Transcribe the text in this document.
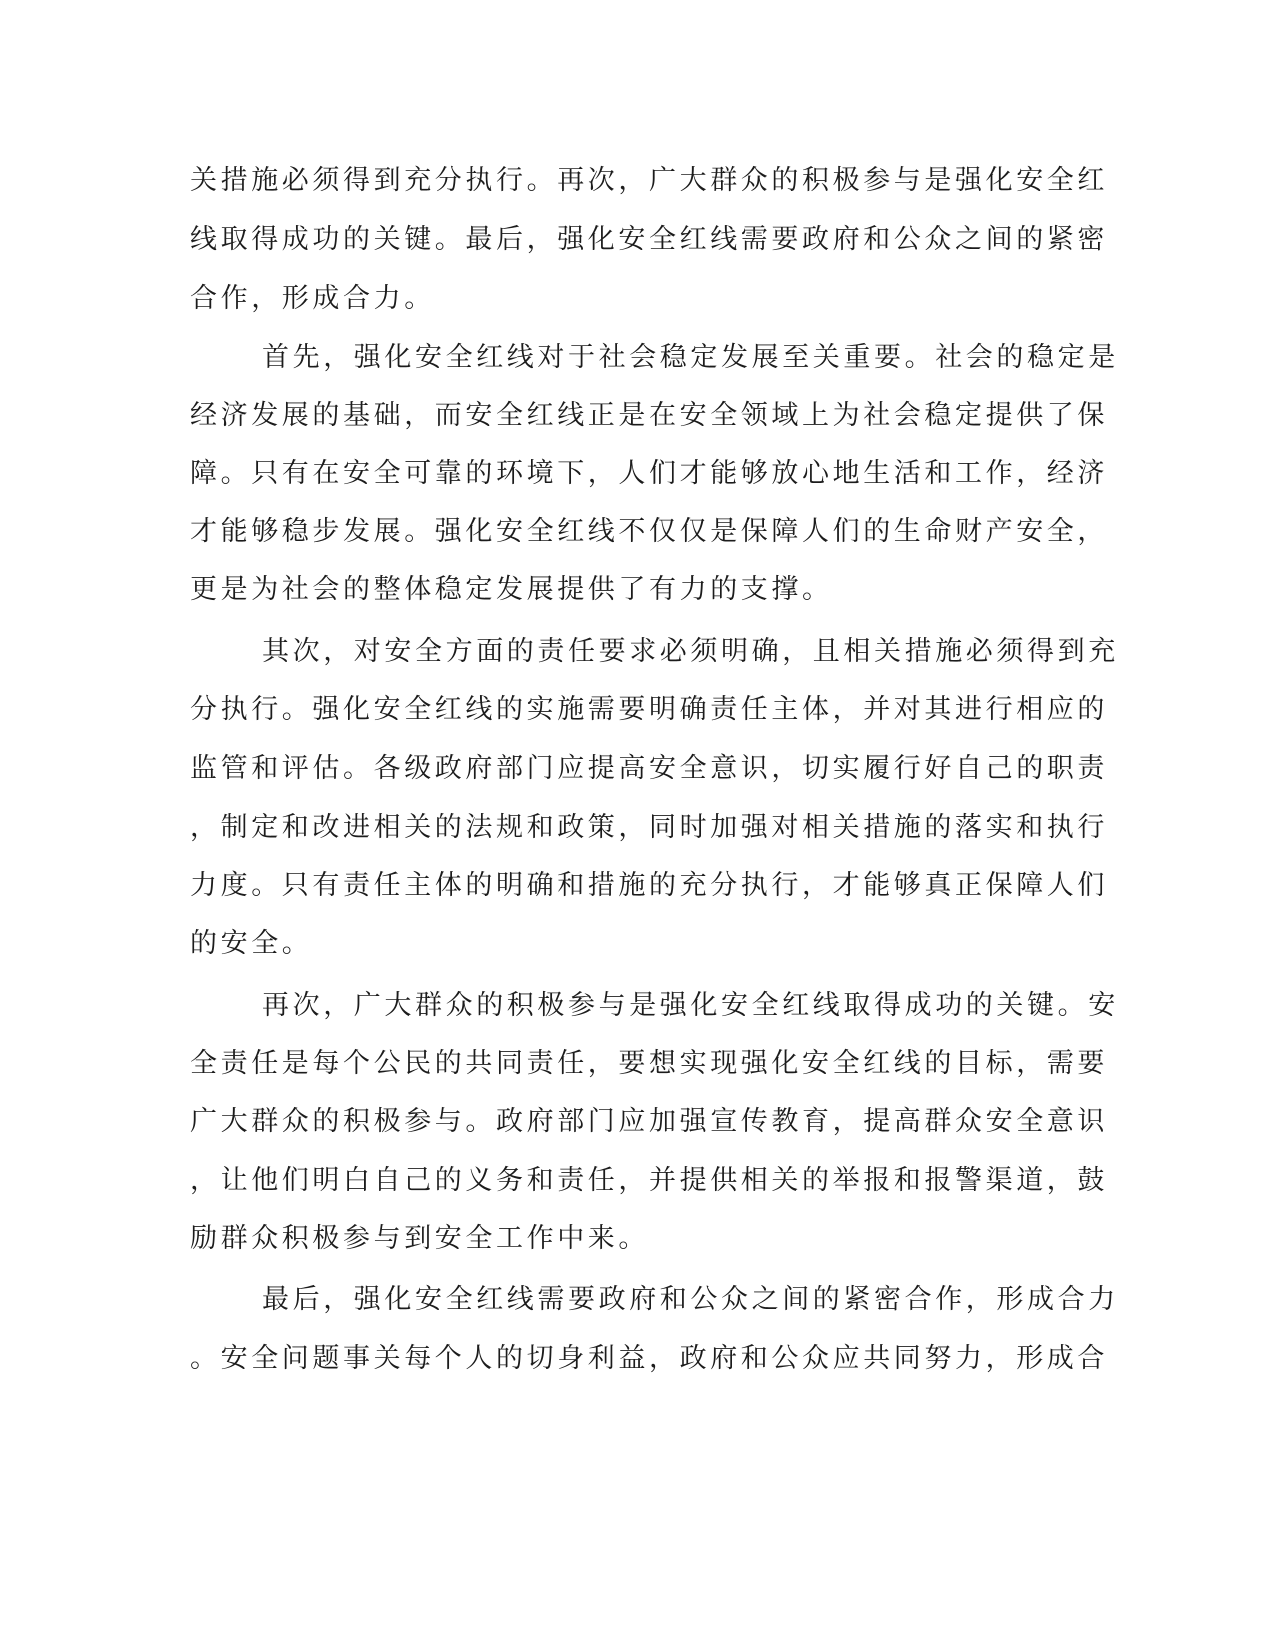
关措施必须得到充分执行。再次，广大群众的积极参与是强化安全红
线取得成功的关键。最后，强化安全红线需要政府和公众之间的紧密
合作，形成合力。
首先，强化安全红线对于社会稳定发展至关重要。社会的稳定是
经济发展的基础，而安全红线正是在安全领域上为社会稳定提供了保
障。只有在安全可靠的环境下，人们才能够放心地生活和工作，经济
才能够稳步发展。强化安全红线不仅仅是保障人们的生命财产安全，
更是为社会的整体稳定发展提供了有力的支撑。
其次，对安全方面的责任要求必须明确，且相关措施必须得到充
分执行。强化安全红线的实施需要明确责任主体，并对其进行相应的
监管和评估。各级政府部门应提高安全意识，切实履行好自己的职责
，制定和改进相关的法规和政策，同时加强对相关措施的落实和执行
力度。只有责任主体的明确和措施的充分执行，才能够真正保障人们
的安全。
再次，广大群众的积极参与是强化安全红线取得成功的关键。安
全责任是每个公民的共同责任，要想实现强化安全红线的目标，需要
广大群众的积极参与。政府部门应加强宣传教育，提高群众安全意识
，让他们明白自己的义务和责任，并提供相关的举报和报警渠道，鼓
励群众积极参与到安全工作中来。
最后，强化安全红线需要政府和公众之间的紧密合作，形成合力
。安全问题事关每个人的切身利益，政府和公众应共同努力，形成合
